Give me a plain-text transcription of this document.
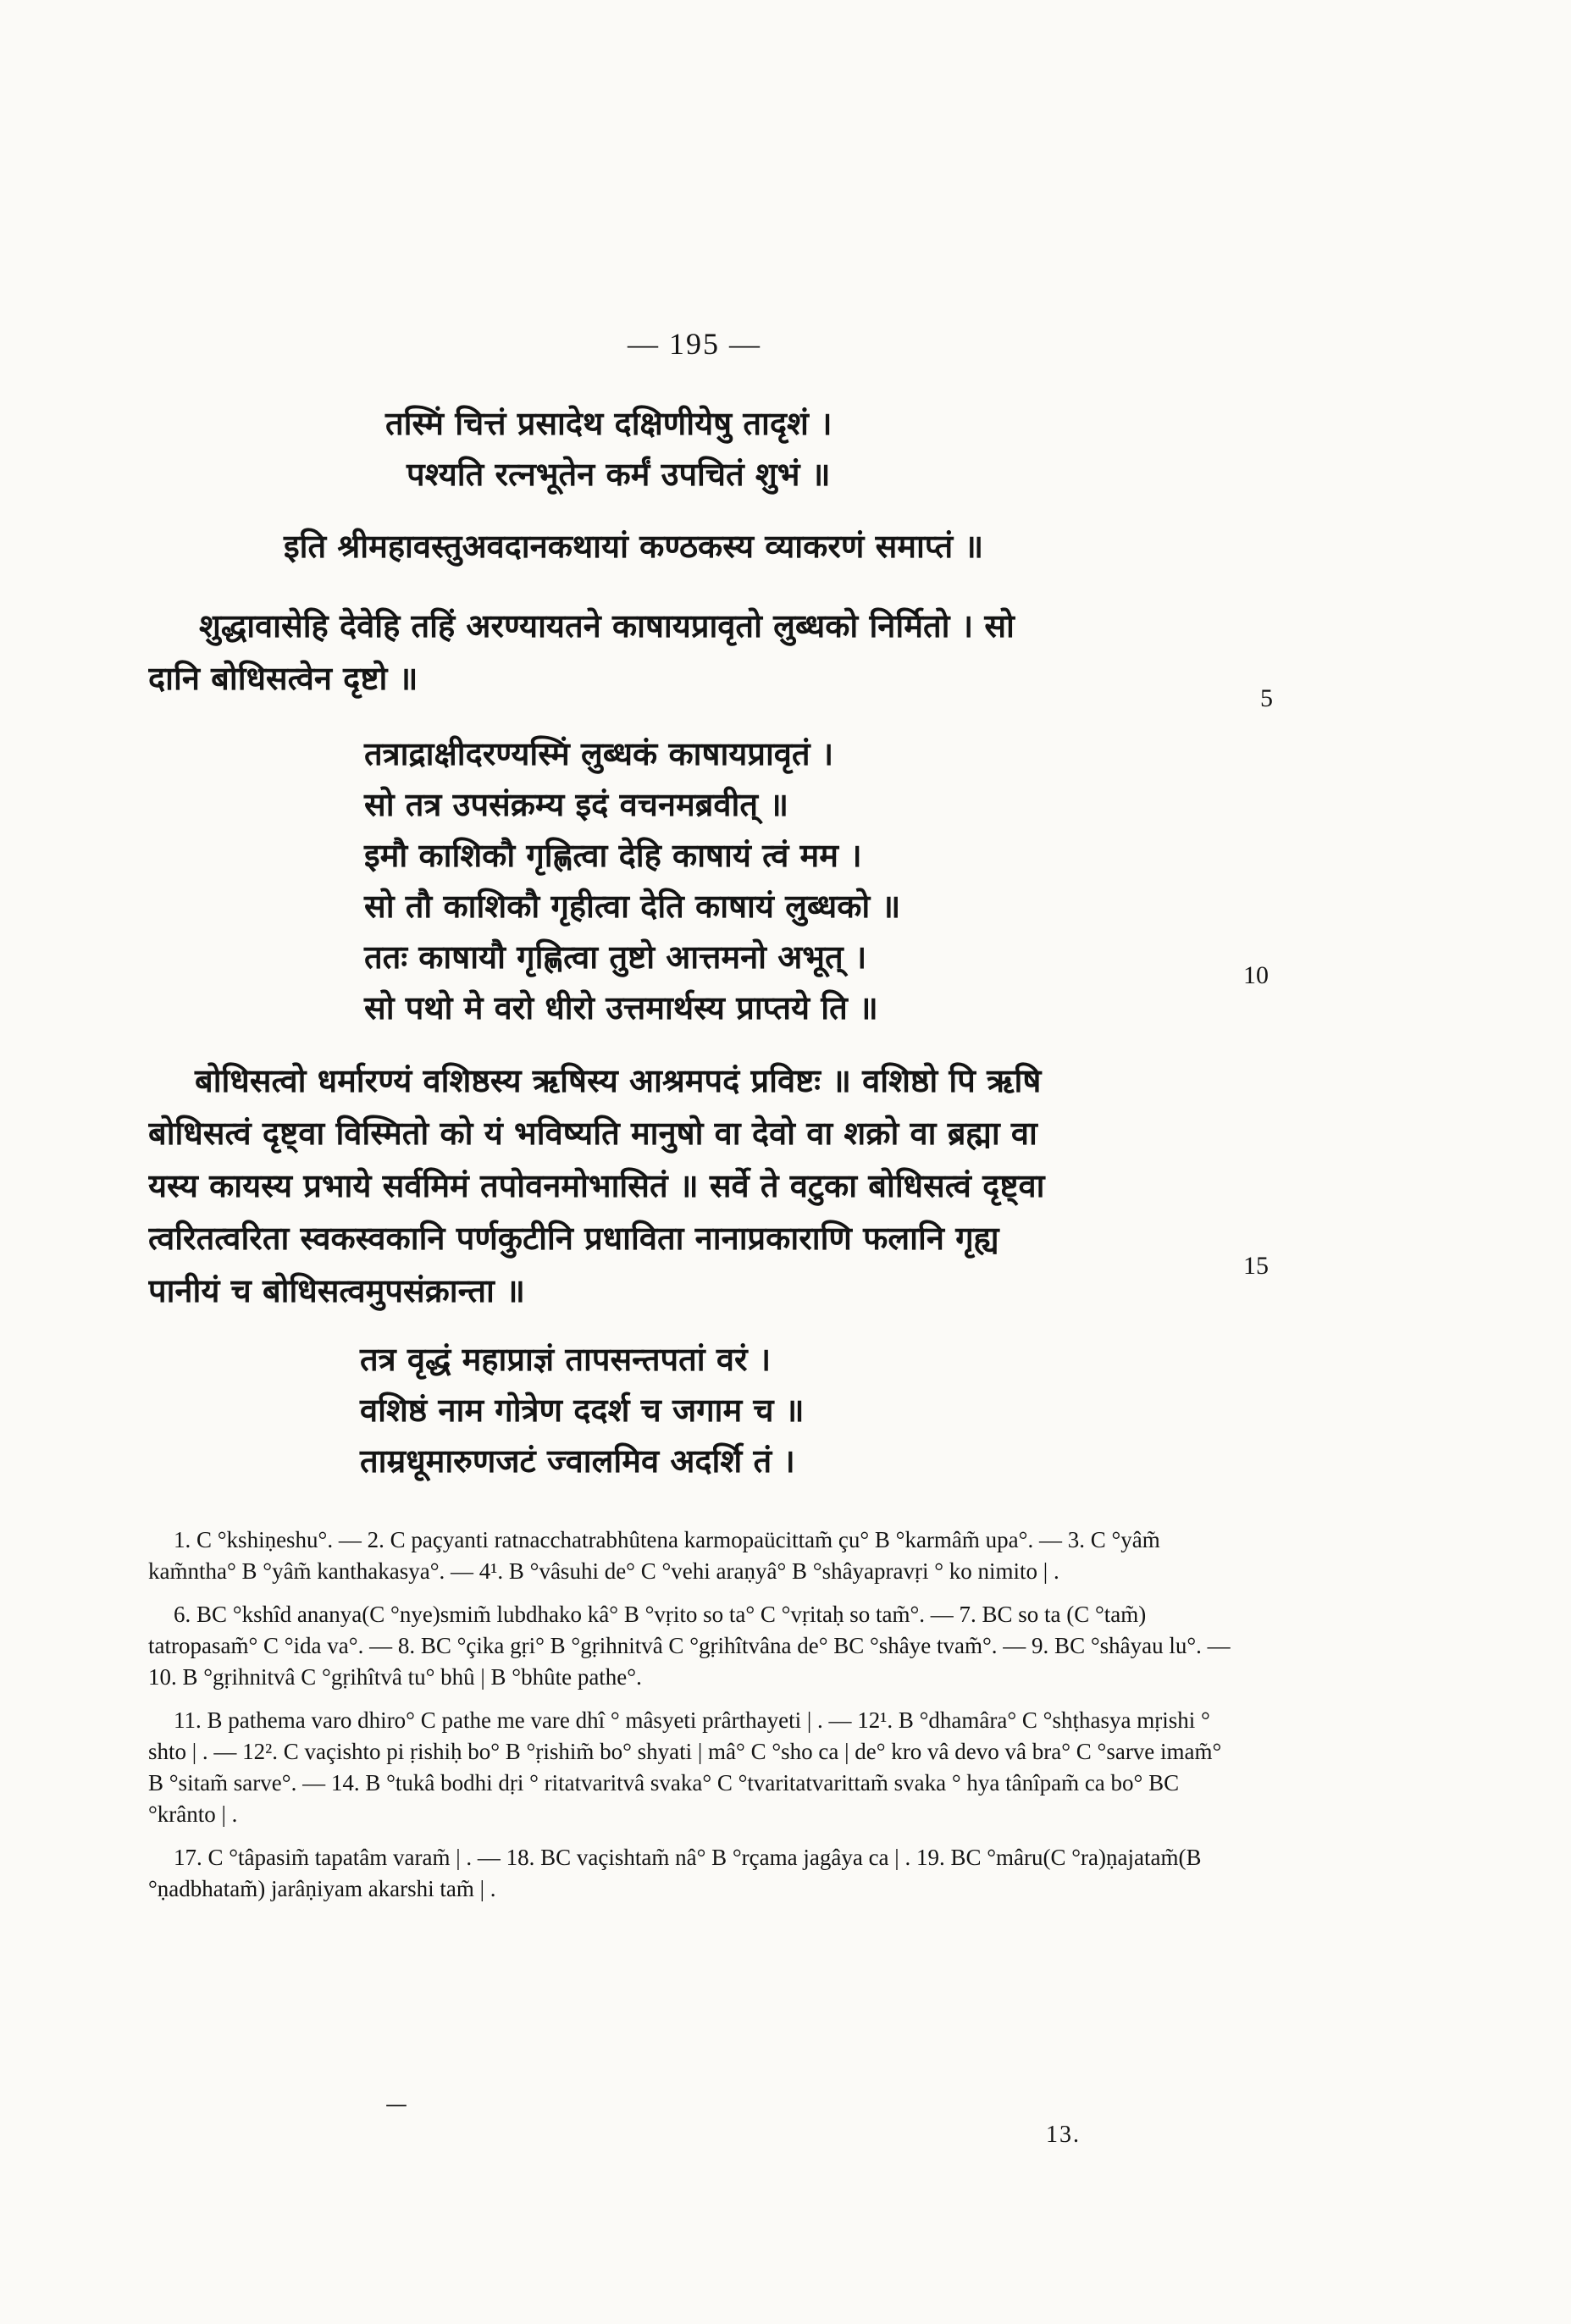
— 195 —
तस्मिं चित्तं प्रसादेथ दक्षिणीयेषु तादृशं ।
पश्यति रत्नभूतेन कर्मं उपचितं शुभं ॥
इति श्रीमहावस्तुअवदानकथायां कण्ठकस्य व्याकरणं समाप्तं ॥
शुद्धावासेहि देवेहि तहिं अरण्यायतने काषायप्रावृतो लुब्धको निर्मितो । सो
दानि बोधिसत्वेन दृष्टो ॥
5
तत्राद्राक्षीदरण्यस्मिं लुब्धकं काषायप्रावृतं ।
सो तत्र उपसंक्रम्य इदं वचनमब्रवीत् ॥
इमौ काशिकौ गृह्णित्वा देहि काषायं त्वं मम ।
सो तौ काशिकौ गृहीत्वा देति काषायं लुब्धको ॥
ततः काषायौ गृह्णित्वा तुष्टो आत्तमनो अभूत् ।
सो पथो मे वरो धीरो उत्तमार्थस्य प्राप्तये ति ॥
10
बोधिसत्वो धर्मारण्यं वशिष्ठस्य ऋषिस्य आश्रमपदं प्रविष्टः ॥ वशिष्ठो पि ऋषि
बोधिसत्वं दृष्ट्वा विस्मितो को यं भविष्यति मानुषो वा देवो वा शक्रो वा ब्रह्मा वा
यस्य कायस्य प्रभाये सर्वमिमं तपोवनमोभासितं ॥ सर्वे ते वटुका बोधिसत्वं दृष्ट्वा
त्वरितत्वरिता स्वकस्वकानि पर्णकुटीनि प्रधाविता नानाप्रकाराणि फलानि गृह्य
पानीयं च बोधिसत्वमुपसंक्रान्ता ॥
15
तत्र वृद्धं महाप्राज्ञं तापसन्तपतां वरं ।
वशिष्ठं नाम गोत्रेण ददर्श च जगाम च ॥
ताम्रधूमारुणजटं ज्वालमिव अदर्शि तं ।
1. C °kshiṇeshu°. — 2. C paçyanti ratnacchatrabhûtena karmopaücittam̃ çu° B °karmâm̃ upa°. — 3. C °yâm̃ kam̃ntha° B °yâm̃ kanthakasya°. — 4¹. B °vâsuhi de° C °vehi araṇyâ° B °shâyapravṛi ° ko nimito | .
6. BC °kshîd ananya(C °nye)smim̃ lubdhako kâ° B °vṛito so ta° C °vṛitaḥ so tam̃°. — 7. BC so ta (C °tam̃) tatropasam̃° C °ida va°. — 8. BC °çika gṛi° B °gṛihnitvâ C °gṛihîtvâna de° BC °shâye tvam̃°. — 9. BC °shâyau lu°. — 10. B °gṛihnitvâ C °gṛihîtvâ tu° bhû | B °bhûte pathe°.
11. B pathema varo dhiro° C pathe me vare dhî ° mâsyeti prârthayeti | . — 12¹. B °dhamâra° C °shṭhasya mṛishi ° shto | . — 12². C vaçishto pi ṛishiḥ bo° B °ṛishim̃ bo° shyati | mâ° C °sho ca | de° kro vâ devo vâ bra° C °sarve imam̃° B °sitam̃ sarve°. — 14. B °tukâ bodhi dṛi ° ritatvaritvâ svaka° C °tvaritatvarittam̃ svaka ° hya tânîpam̃ ca bo° BC °krânto | .
17. C °tâpasim̃ tapatâm varam̃ | . — 18. BC vaçishtam̃ nâ° B °rçama jagâya ca | . 19. BC °mâru(C °ra)ṇajatam̃(B °ṇadbhatam̃) jarâṇiyam akarshi tam̃ | .
—
13.
